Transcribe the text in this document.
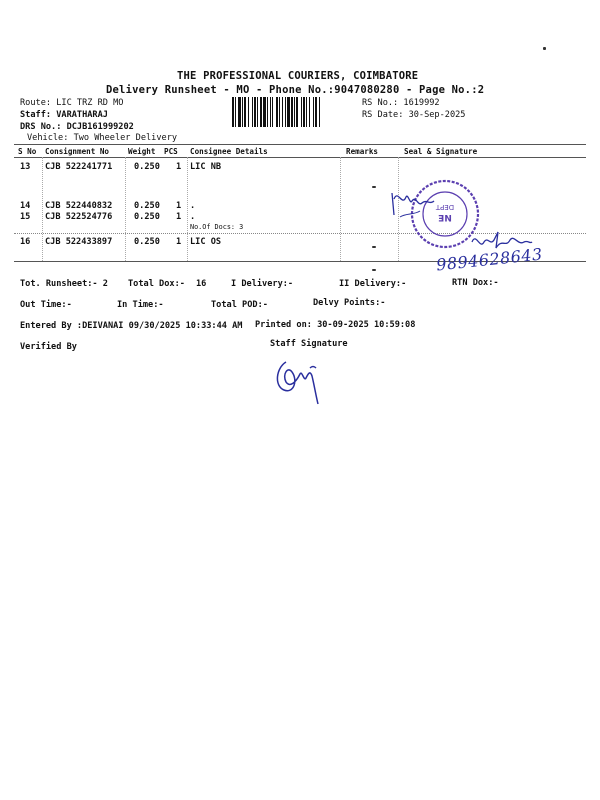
THE PROFESSIONAL COURIERS, COIMBATORE
Delivery Runsheet - MO - Phone No.:9047080280 - Page No.:2
Route: LIC TRZ RD MO
Staff: VARATHARAJ
DRS No.: DCJB161999202
Vehicle: Two Wheeler Delivery
RS No.: 1619992
RS Date: 30-Sep-2025
S No Consignment No Weight PCS Consignee Details	Remarks	Seal & Signature
13 CJB 522241771	0.250 1 LIC NB
14 CJB 522440832	0.250 1 .
15 CJB 522524776	0.250 1 .
No.Of Docs: 3
16 CJB 522433897	0.250 1 LIC OS
NE
DEPT
9894628643
Tot. Runsheet:- 2 Total Dox:- 16	I Delivery:-	II Delivery:-	RTN Dox:-
Out Time:-	In Time:-	Total POD:-	Delvy Points:-
Entered By :DEIVANAI 09/30/2025 10:33:44 AM Printed on: 30-09-2025 10:59:08
Verified By	Staff Signature
